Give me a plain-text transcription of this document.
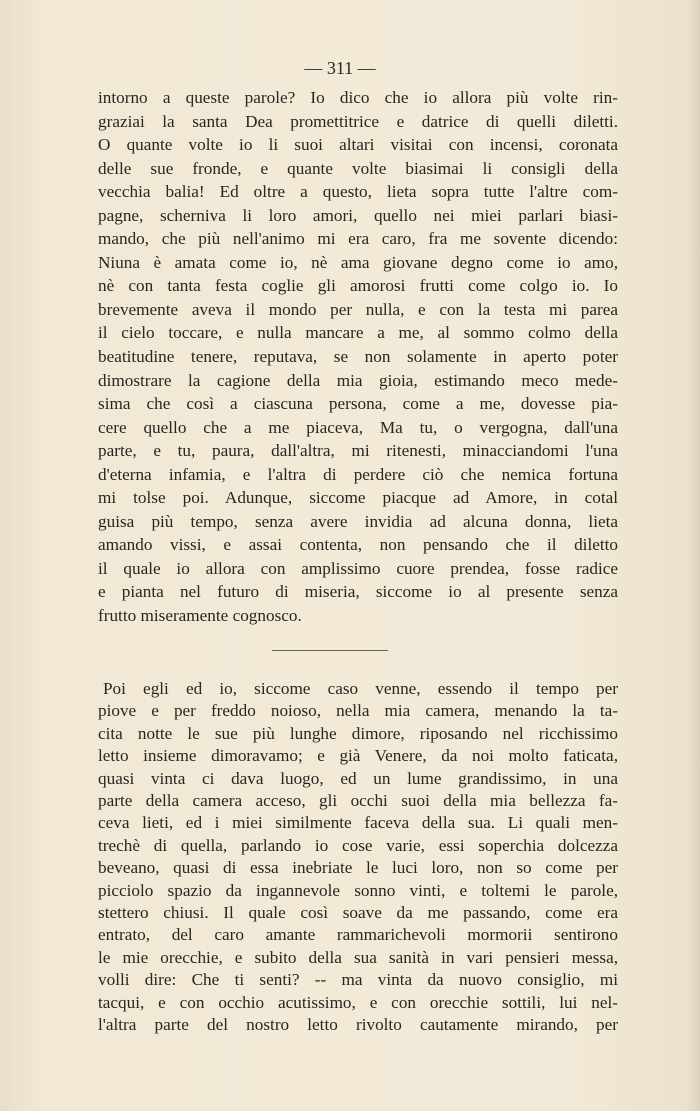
— 311 —
intorno a queste parole? Io dico che io allora più volte rin-
graziai la santa Dea promettitrice e datrice di quelli diletti.
O quante volte io li suoi altari visitai con incensi, coronata
delle sue fronde, e quante volte biasimai li consigli della
vecchia balia! Ed oltre a questo, lieta sopra tutte l'altre com-
pagne, scherniva li loro amori, quello nei miei parlari biasi-
mando, che più nell'animo mi era caro, fra me sovente dicendo:
Niuna è amata come io, nè ama giovane degno come io amo,
nè con tanta festa coglie gli amorosi frutti come colgo io. Io
brevemente aveva il mondo per nulla, e con la testa mi parea
il cielo toccare, e nulla mancare a me, al sommo colmo della
beatitudine tenere, reputava, se non solamente in aperto poter
dimostrare la cagione della mia gioia, estimando meco mede-
sima che così a ciascuna persona, come a me, dovesse pia-
cere quello che a me piaceva, Ma tu, o vergogna, dall'una
parte, e tu, paura, dall'altra, mi ritenesti, minacciandomi l'una
d'eterna infamia, e l'altra di perdere ciò che nemica fortuna
mi tolse poi. Adunque, siccome piacque ad Amore, in cotal
guisa più tempo, senza avere invidia ad alcuna donna, lieta
amando vissi, e assai contenta, non pensando che il diletto
il quale io allora con amplissimo cuore prendea, fosse radice
e pianta nel futuro di miseria, siccome io al presente senza
frutto miseramente cognosco.
Poi egli ed io, siccome caso venne, essendo il tempo per
piove e per freddo noioso, nella mia camera, menando la ta-
cita notte le sue più lunghe dimore, riposando nel ricchissimo
letto insieme dimoravamo; e già Venere, da noi molto faticata,
quasi vinta ci dava luogo, ed un lume grandissimo, in una
parte della camera acceso, gli occhi suoi della mia bellezza fa-
ceva lieti, ed i miei similmente faceva della sua. Li quali men-
trechè di quella, parlando io cose varie, essi soperchia dolcezza
beveano, quasi di essa inebriate le luci loro, non so come per
picciolo spazio da ingannevole sonno vinti, e toltemi le parole,
stettero chiusi. Il quale così soave da me passando, come era
entrato, del caro amante rammarichevoli mormorii sentirono
le mie orecchie, e subito della sua sanità in vari pensieri messa,
volli dire: Che ti senti? -- ma vinta da nuovo consiglio, mi
tacqui, e con occhio acutissimo, e con orecchie sottili, lui nel-
l'altra parte del nostro letto rivolto cautamente mirando, per
